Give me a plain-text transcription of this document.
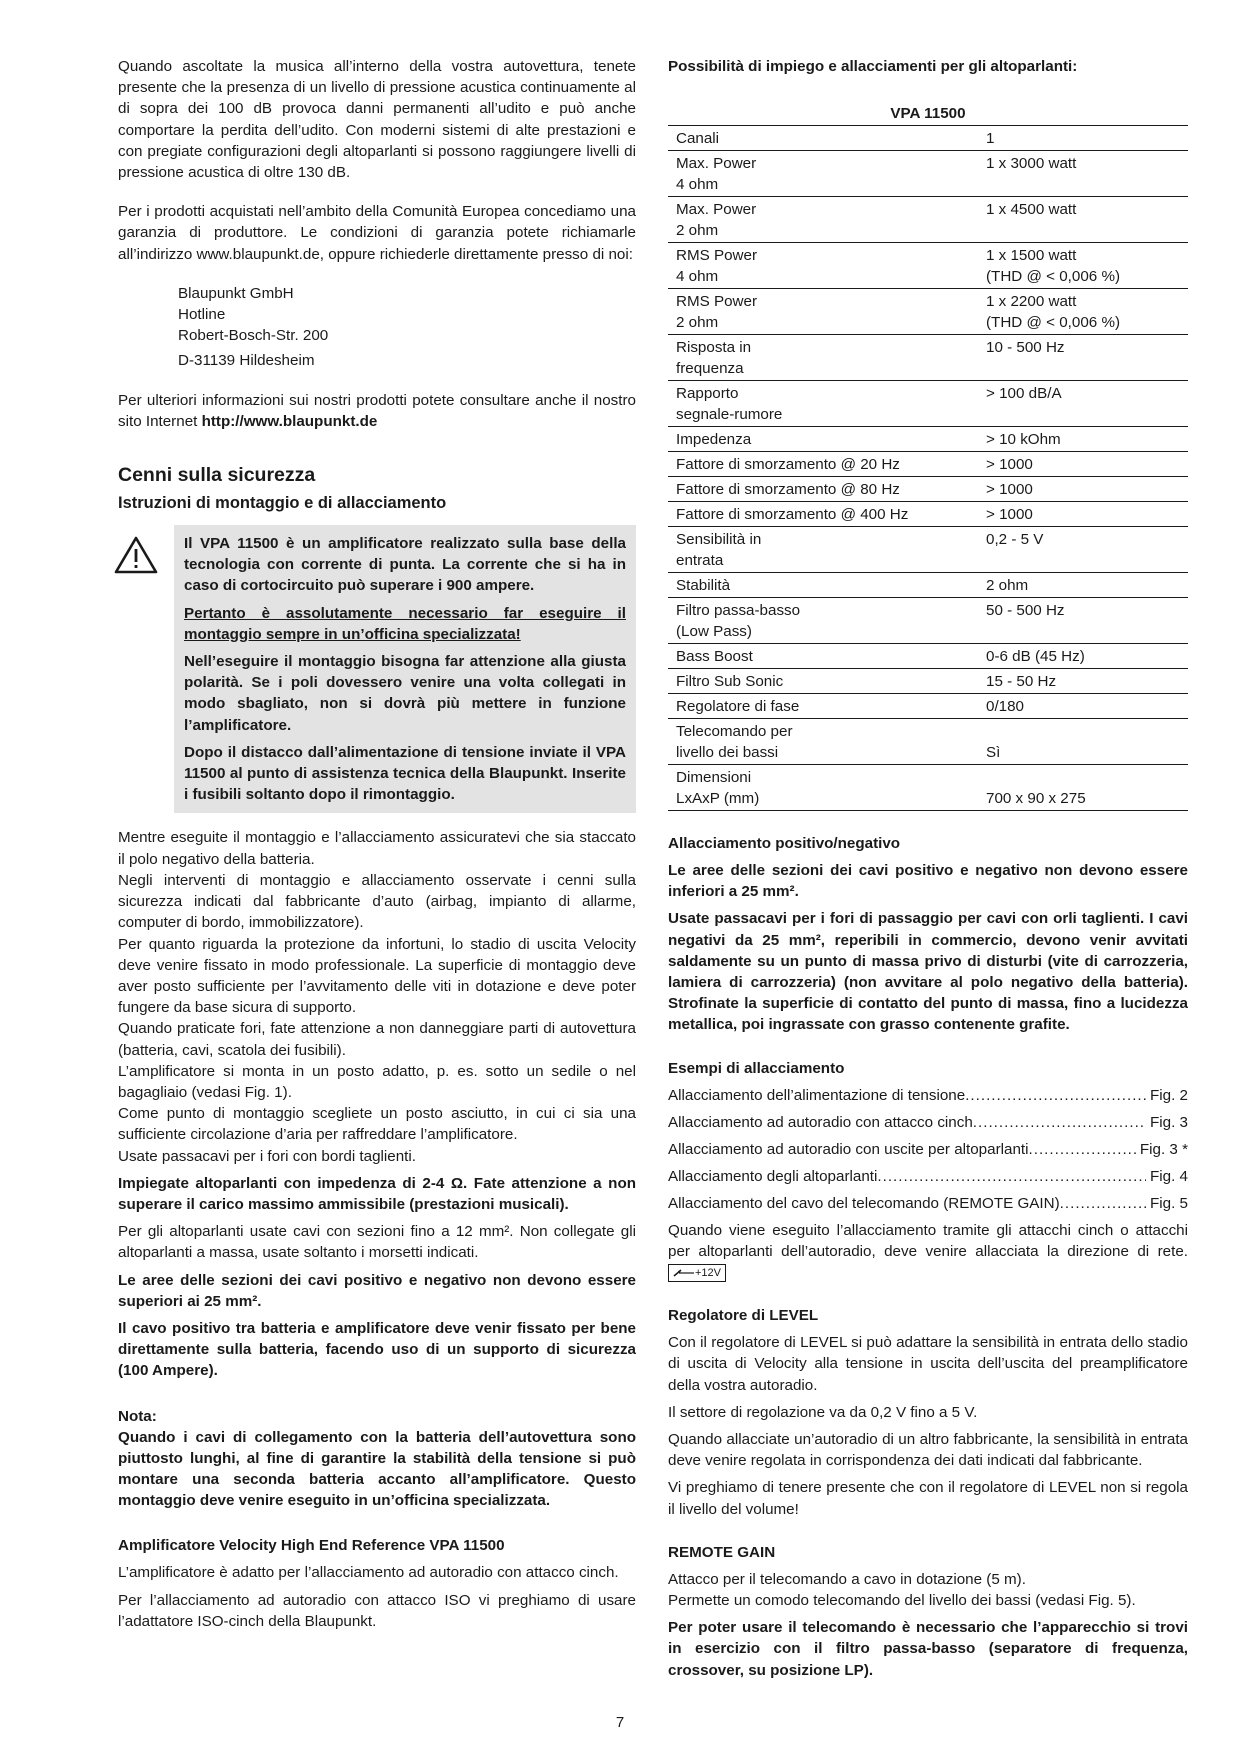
Quando ascoltate la musica all’interno della vostra autovettura, tenete presente che la presenza di un livello di pressione acustica continuamente al di sopra dei 100 dB provoca danni permanenti all’udito e può anche comportare la perdita dell’udito. Con moderni sistemi di alte prestazioni e con pregiate configurazioni degli altoparlanti si possono raggiungere livelli di pressione acustica di oltre 130 dB.

Per i prodotti acquistati nell’ambito della Comunità Europea concediamo una garanzia di produttore. Le condizioni di garanzia potete richiamarle all’indirizzo www.blaupunkt.de, oppure richiederle direttamente presso di noi:

Blaupunkt GmbH

Hotline

Robert-Bosch-Str. 200

D-31139 Hildesheim

Per ulteriori informazioni sui nostri prodotti potete consultare anche il nostro sito Internet http://www.blaupunkt.de

Cenni sulla sicurezza
Istruzioni di montaggio e di allacciamento

Il VPA 11500 è un amplificatore realizzato sulla base della tecnologia con corrente di punta. La corrente che si ha in caso di cortocircuito può superare i 900 ampere.

Pertanto è assolutamente necessario far eseguire il montaggio sempre in un’officina specializzata!

Nell’eseguire il montaggio bisogna far attenzione alla giusta polarità. Se i poli dovessero venire una volta collegati in modo sbagliato, non si dovrà più mettere in funzione l’amplificatore.

Dopo il distacco dall’alimentazione di tensione inviate il VPA 11500 al punto di assistenza tecnica della Blaupunkt. Inserite i fusibili soltanto dopo il rimontaggio.

Mentre eseguite il montaggio e l’allacciamento assicuratevi che sia staccato il polo negativo della batteria.

Negli interventi di montaggio e allacciamento osservate i cenni sulla sicurezza indicati dal fabbricante d’auto (airbag, impianto di allarme, computer di bordo, immobilizzatore).

Per quanto riguarda la protezione da infortuni, lo stadio di uscita Velocity deve venire fissato in modo professionale. La superficie di montaggio deve aver posto sufficiente per l’avvitamento delle viti in dotazione e deve poter fungere da base sicura di supporto.

Quando praticate fori, fate attenzione a non danneggiare parti di autovettura (batteria, cavi, scatola dei fusibili).

L’amplificatore si monta in un posto adatto, p. es. sotto un sedile o nel bagagliaio (vedasi Fig. 1).

Come punto di montaggio scegliete un posto asciutto, in cui ci sia una sufficiente circolazione d’aria per raffreddare l’amplificatore.

Usate passacavi per i fori con bordi taglienti.

Impiegate altoparlanti con impedenza di 2-4 Ω. Fate attenzione a non superare il carico massimo ammissibile (prestazioni musicali).

Per gli altoparlanti usate cavi con sezioni fino a 12 mm². Non collegate gli altoparlanti a massa, usate soltanto i morsetti indicati.

Le aree delle sezioni dei cavi positivo e negativo non devono essere superiori ai 25 mm².

Il cavo positivo tra batteria e amplificatore deve venir fissato per bene direttamente sulla batteria, facendo uso di un supporto di sicurezza (100 Ampere).

Nota:

Quando i cavi di collegamento con la batteria dell’autovettura sono piuttosto lunghi, al fine di garantire la stabilità della tensione si può montare una seconda batteria accanto all’amplificatore. Questo montaggio deve venire eseguito in un’officina specializzata.

Amplificatore Velocity High End Reference VPA 11500

L’amplificatore è adatto per l’allacciamento ad autoradio con attacco cinch.

Per l’allacciamento ad autoradio con attacco ISO vi preghiamo di usare l’adattatore ISO-cinch della Blaupunkt.

Possibilità di impiego e allacciamenti per gli altoparlanti:
VPA 11500	
Canali	1
Max. Power
4 ohm	1 x 3000 watt
Max. Power
2 ohm	1 x 4500 watt
RMS Power
4 ohm	1 x 1500 watt
(THD @ < 0,006 %)
RMS Power
2 ohm	1 x 2200 watt
(THD @ < 0,006 %)
Risposta in
frequenza	10 - 500 Hz
Rapporto
segnale-rumore	> 100 dB/A
Impedenza	> 10 kOhm
Fattore di smorzamento @ 20 Hz	> 1000
Fattore di smorzamento @ 80 Hz	> 1000
Fattore di smorzamento @ 400 Hz	> 1000
Sensibilità in
entrata	0,2 - 5 V
Stabilità	2 ohm
Filtro passa-basso
(Low Pass)	50 - 500 Hz
Bass Boost	0-6 dB (45 Hz)
Filtro Sub Sonic	15 - 50 Hz
Regolatore di fase	0/180
Telecomando per
livello dei bassi	Sì
Dimensioni
LxAxP (mm)	700 x 90 x 275
Allacciamento positivo/negativo

Le aree delle sezioni dei cavi positivo e negativo non devono essere inferiori a 25 mm².

Usate passacavi per i fori di passaggio per cavi con orli taglienti. I cavi negativi da 25 mm², reperibili in commercio, devono venir avvitati saldamente su un punto di massa privo di disturbi (vite di carrozzeria, lamiera di carrozzeria) (non avvitare al polo negativo della batteria). Strofinate la superficie di contatto del punto di massa, fino a lucidezza metallica, poi ingrassate con grasso contenente grafite.

Esempi di allacciamento
Allacciamento dell’alimentazione di tensione .....	Fig. 2
Allacciamento ad autoradio con attacco cinch .....	Fig. 3
Allacciamento ad autoradio con uscite per altoparlanti .....	Fig. 3 *
Allacciamento degli altoparlanti .....	Fig. 4
Allacciamento del cavo del telecomando (REMOTE GAIN) .....	Fig. 5

Quando viene eseguito l’allacciamento tramite gli attacchi cinch o attacchi per altoparlanti dell’autoradio, deve venire allacciata la direzione di rete. +12V

Regolatore di LEVEL

Con il regolatore di LEVEL si può adattare la sensibilità in entrata dello stadio di uscita di Velocity alla tensione in uscita dell’uscita del preamplificatore della vostra autoradio.

Il settore di regolazione va da 0,2 V fino a 5 V.

Quando allacciate un’autoradio di un altro fabbricante, la sensibilità in entrata deve venire regolata in corrispondenza dei dati indicati dal fabbricante.

Vi preghiamo di tenere presente che con il regolatore di LEVEL non si regola il livello del volume!

REMOTE GAIN

Attacco per il telecomando a cavo in dotazione (5 m).

Permette un comodo telecomando del livello dei bassi (vedasi Fig. 5).

Per poter usare il telecomando è necessario che l’apparecchio si trovi in esercizio con il filtro passa-basso (separatore di frequenza, crossover, su posizione LP).

7
